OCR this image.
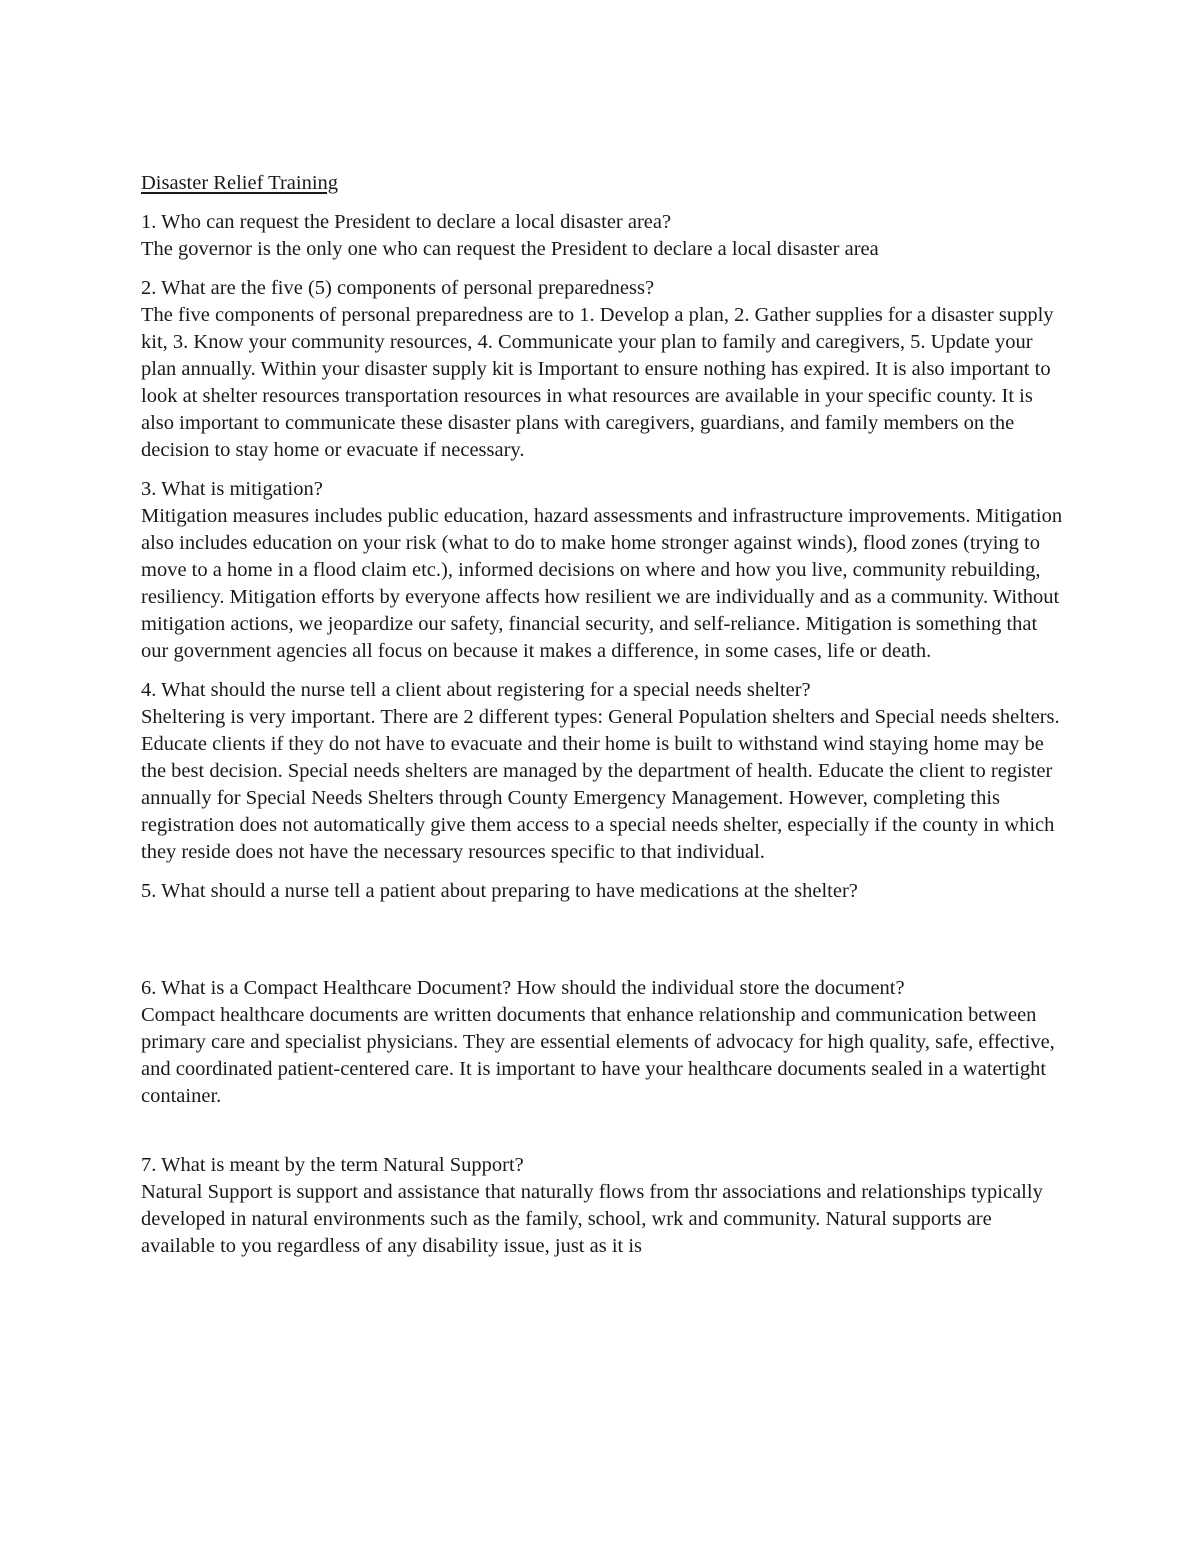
Disaster Relief Training

1. Who can request the President to declare a local disaster area?

The governor is the only one who can request the President to declare a local disaster area

2. What are the five (5) components of personal preparedness?

The five components of personal preparedness are to 1. Develop a plan, 2. Gather supplies for a disaster supply kit, 3. Know your community resources, 4. Communicate your plan to family and caregivers, 5. Update your plan annually. Within your disaster supply kit is Important to ensure nothing has expired. It is also important to look at shelter resources transportation resources in what resources are available in your specific county. It is also important to communicate these disaster plans with caregivers, guardians, and family members on the decision to stay home or evacuate if necessary.

3. What is mitigation?

Mitigation measures includes public education, hazard assessments and infrastructure improvements. Mitigation also includes education on your risk (what to do to make home stronger against winds), flood zones (trying to move to a home in a flood claim etc.), informed decisions on where and how you live, community rebuilding, resiliency. Mitigation efforts by everyone affects how resilient we are individually and as a community. Without mitigation actions, we jeopardize our safety, financial security, and self-reliance. Mitigation is something that our government agencies all focus on because it makes a difference, in some cases, life or death.

4. What should the nurse tell a client about registering for a special needs shelter?

Sheltering is very important. There are 2 different types: General Population shelters and Special needs shelters. Educate clients if they do not have to evacuate and their home is built to withstand wind staying home may be the best decision. Special needs shelters are managed by the department of health. Educate the client to register annually for Special Needs Shelters through County Emergency Management. However, completing this registration does not automatically give them access to a special needs shelter, especially if the county in which they reside does not have the necessary resources specific to that individual.

5. What should a nurse tell a patient about preparing to have medications at the shelter?

6. What is a Compact Healthcare Document? How should the individual store the document?

Compact healthcare documents are written documents that enhance relationship and communication between primary care and specialist physicians. They are essential elements of advocacy for high quality, safe, effective, and coordinated patient-centered care. It is important to have your healthcare documents sealed in a watertight container.

7. What is meant by the term Natural Support?

Natural Support is support and assistance that naturally flows from thr associations and relationships typically developed in natural environments such as the family, school, wrk and community. Natural supports are available to you regardless of any disability issue, just as it is
